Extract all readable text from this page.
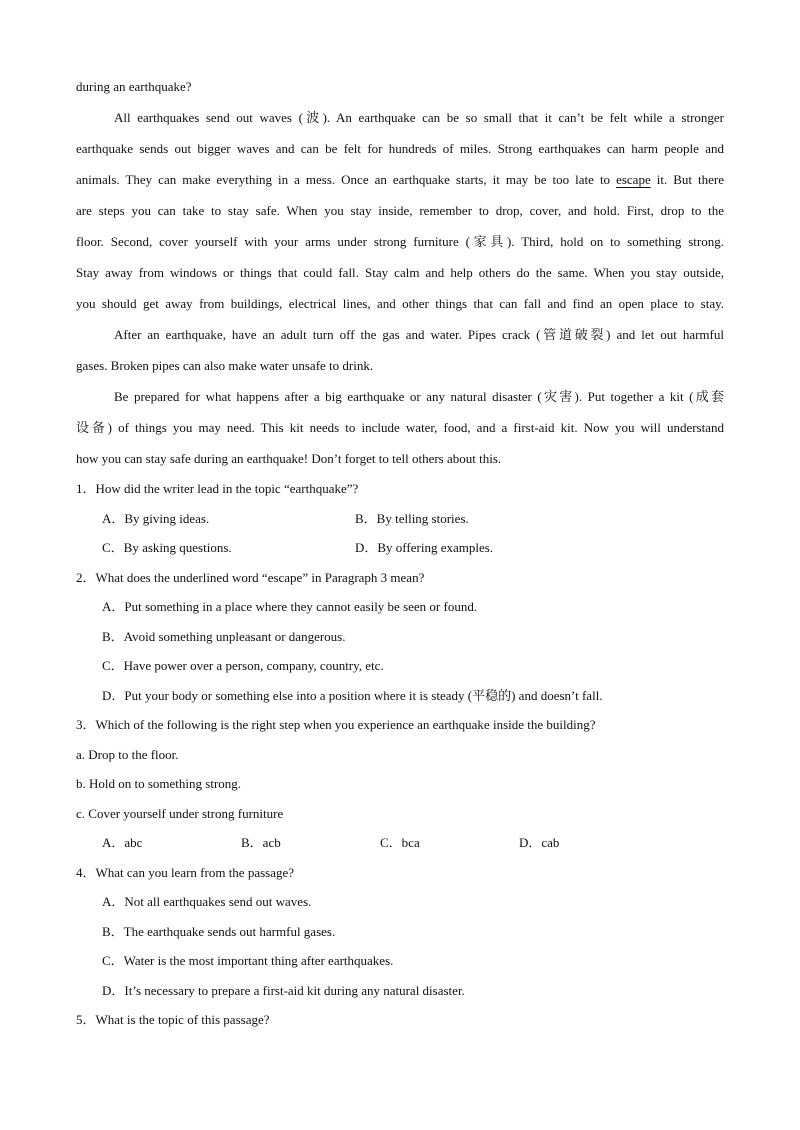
during an earthquake?
All earthquakes send out waves (波). An earthquake can be so small that it can’t be felt while a stronger
earthquake sends out bigger waves and can be felt for hundreds of miles. Strong earthquakes can harm people and
animals. They can make everything in a mess. Once an earthquake starts, it may be too late to escape it. But there
are steps you can take to stay safe. When you stay inside, remember to drop, cover, and hold. First, drop to the
floor. Second, cover yourself with your arms under strong furniture (家具). Third, hold on to something strong.
Stay away from windows or things that could fall. Stay calm and help others do the same. When you stay outside,
you should get away from buildings, electrical lines, and other things that can fall and find an open place to stay.
After an earthquake, have an adult turn off the gas and water. Pipes crack (管道破裂) and let out harmful
gases. Broken pipes can also make water unsafe to drink.
Be prepared for what happens after a big earthquake or any natural disaster (灾害). Put together a kit (成套
设备) of things you may need. This kit needs to include water, food, and a first-aid kit. Now you will understand
how you can stay safe during an earthquake! Don’t forget to tell others about this.
1．How did the writer lead in the topic “earthquake”?
A．By giving ideas.	B．By telling stories.
C．By asking questions.	D．By offering examples.
2．What does the underlined word “escape” in Paragraph 3 mean?
A．Put something in a place where they cannot easily be seen or found.
B．Avoid something unpleasant or dangerous.
C．Have power over a person, company, country, etc.
D．Put your body or something else into a position where it is steady (平稳的) and doesn’t fall.
3．Which of the following is the right step when you experience an earthquake inside the building?
a. Drop to the floor.
b. Hold on to something strong.
c. Cover yourself under strong furniture
A．abc	B．acb	C．bca	D．cab
4．What can you learn from the passage?
A．Not all earthquakes send out waves.
B．The earthquake sends out harmful gases.
C．Water is the most important thing after earthquakes.
D．It’s necessary to prepare a first-aid kit during any natural disaster.
5．What is the topic of this passage?
